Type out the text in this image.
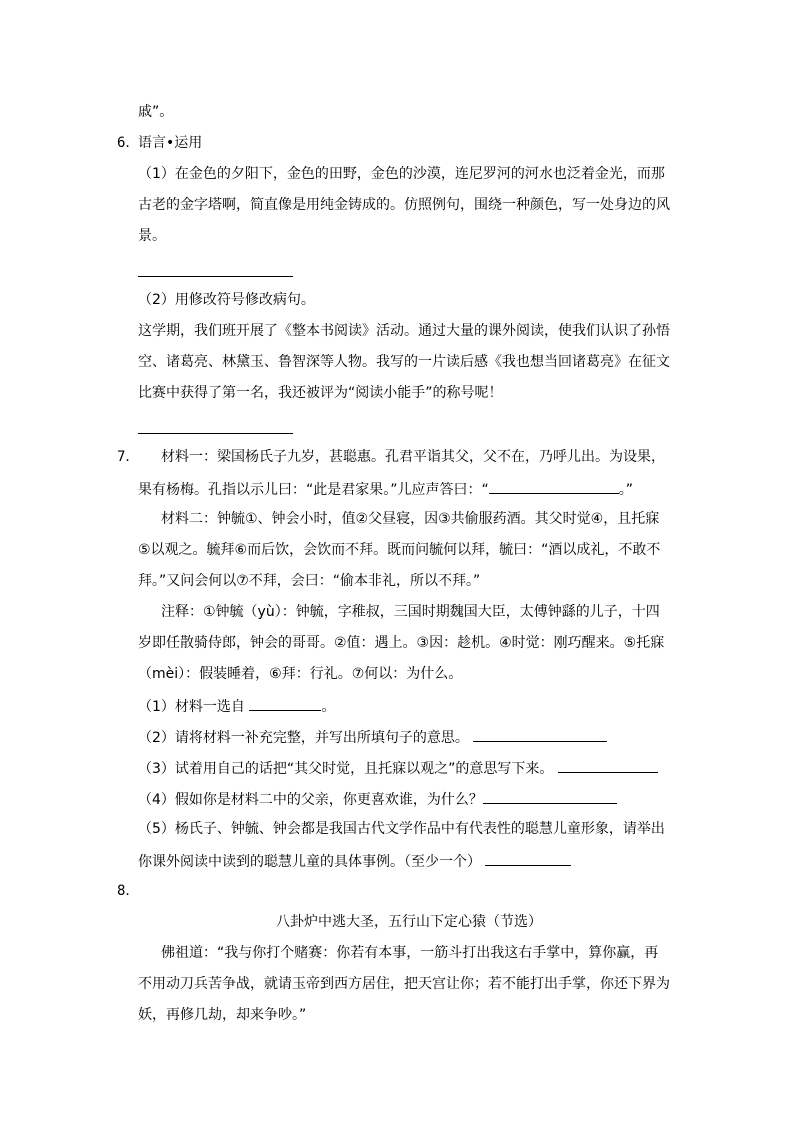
戚”。
6．
语言•运用
（1）在金色的夕阳下，金色的田野，金色的沙漠，连尼罗河的河水也泛着金光，而那
古老的金字塔啊，简直像是用纯金铸成的。仿照例句，围绕一种颜色，写一处身边的风
景。
（2）用修改符号修改病句。
这学期，我们班开展了《整本书阅读》活动。通过大量的课外阅读，使我们认识了孙悟
空、诸葛亮、林黛玉、鲁智深等人物。我写的一片读后感《我也想当回诸葛亮》在征文
比赛中获得了第一名，我还被评为“阅读小能手”的称号呢！
7． 材料一：梁国杨氏子九岁，甚聪惠。孔君平诣其父，父不在，乃呼儿出。为设果，
果有杨梅。孔指以示儿曰：“此是君家果。”儿应声答曰：“	。”
材料二：钟毓①、钟会小时，值②父昼寝，因③共偷服药酒。其父时觉④，且托寐
⑤以观之。毓拜⑥而后饮，会饮而不拜。既而问毓何以拜，毓曰：“酒以成礼，不敢不
拜。”又问会何以⑦不拜，会曰：“偷本非礼，所以不拜。”
注释：①钟毓（yù）：钟毓，字稚叔，三国时期魏国大臣，太傅钟繇的儿子，十四
岁即任散骑侍郎，钟会的哥哥。②值：遇上。③因：趁机。④时觉：刚巧醒来。⑤托寐
（mèi）：假装睡着，⑥拜：行礼。⑦何以：为什么。
（1）材料一选自	。
（2）请将材料一补充完整，并写出所填句子的意思。
（3）试着用自己的话把“其父时觉，且托寐以观之”的意思写下来。
（4）假如你是材料二中的父亲，你更喜欢谁，为什么？
（5）杨氏子、钟毓、钟会都是我国古代文学作品中有代表性的聪慧儿童形象，请举出
你课外阅读中读到的聪慧儿童的具体事例。（至少一个）
8．
八卦炉中逃大圣，五行山下定心猿（节选）
佛祖道：“我与你打个赌赛：你若有本事，一筋斗打出我这右手掌中，算你赢，再
不用动刀兵苦争战，就请玉帝到西方居住，把天宫让你；若不能打出手掌，你还下界为
妖，再修几劫，却来争吵。”
